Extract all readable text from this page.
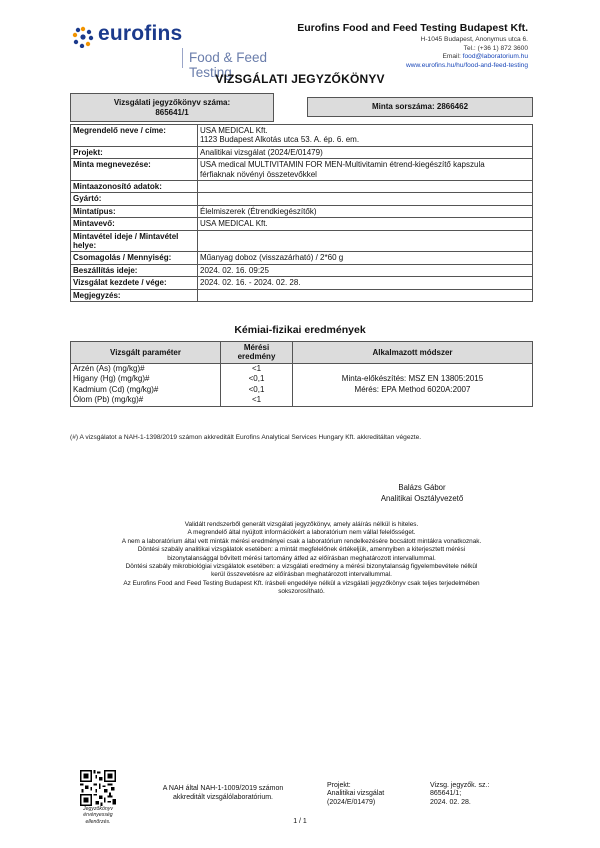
eurofins
Food & Feed Testing
Eurofins Food and Feed Testing Budapest Kft.
H-1045 Budapest, Anonymus utca 6.
Tel.: (+36 1) 872 3600
Email: food@laboratorium.hu
www.eurofins.hu/hu/food-and-feed-testing
VIZSGÁLATI JEGYZŐKÖNYV
Vizsgálati jegyzőkönyv száma:
865641/1
Minta sorszáma: 2866462
Megrendelő neve / címe:	USA MEDICAL Kft.
1123 Budapest Alkotás utca 53. A. ép. 6. em.

Projekt:	Analitikai vizsgálat (2024/E/01479)
Minta megnevezése:	USA medical MULTIVITAMIN FOR MEN-Multivitamin étrend-kiegészítő kapszula
férfiaknak növényi összetevőkkel

Mintaazonosító adatok:	
Gyártó:	
Mintatípus:	Élelmiszerek (Étrendkiegészítők)
Mintavevő:	USA MEDICAL Kft.

Mintavétel ideje / Mintavétel
helye:	

Csomagolás / Mennyiség:	Műanyag doboz (visszazárható) / 2*60 g
Beszállítás ideje:	2024. 02. 16. 09:25
Vizsgálat kezdete / vége:	2024. 02. 16. - 2024. 02. 28.
Megjegyzés:	
Kémiai-fizikai eredmények
Vizsgált paraméter	Mérési
eredmény	Alkalmazott módszer
Arzén (As) (mg/kg)#	<1	Minta-előkészítés: MSZ EN 13805:2015
Mérés: EPA Method 6020A:2007

Higany (Hg) (mg/kg)#	<0,1	
Kadmium (Cd) (mg/kg)#	<0,1	
Ólom (Pb) (mg/kg)#	<1	
(#) A vizsgálatot a NAH-1-1398/2019 számon akkreditált Eurofins Analytical Services Hungary Kft. akkreditáltan végezte.
Balázs Gábor
Analitikai Osztályvezető
Validált rendszerből generált vizsgálati jegyzőkönyv, amely aláírás nélkül is hiteles.
A megrendelő által nyújtott információkért a laboratórium nem vállal felelősséget.
A nem a laboratórium által vett minták mérési eredményei csak a laboratórium rendelkezésére bocsátott mintákra vonatkoznak.
Döntési szabály analitikai vizsgálatok esetében: a mintát megfelelőnek értékeljük, amennyiben a kiterjesztett mérési
bizonytalansággal bővített mérési tartomány átfed az előírásban meghatározott intervallummal.
Döntési szabály mikrobiológiai vizsgálatok esetében: a vizsgálati eredmény a mérési bizonytalanság figyelembevétele nélkül
kerül összevetésre az előírásban meghatározott intervallummal.
Az Eurofins Food and Feed Testing Budapest Kft. írásbeli engedélye nélkül a vizsgálati jegyzőkönyv csak teljes terjedelmében
sokszorosítható.
Jegyzőkönyv
érvényesség
ellenőrzés.
A NAH által NAH-1-1009/2019 számon
akkreditált vizsgálólaboratórium.
Projekt:
Analitikai vizsgálat
(2024/E/01479)
Vizsg. jegyzők. sz.:
865641/1;
2024. 02. 28.
1 / 1
